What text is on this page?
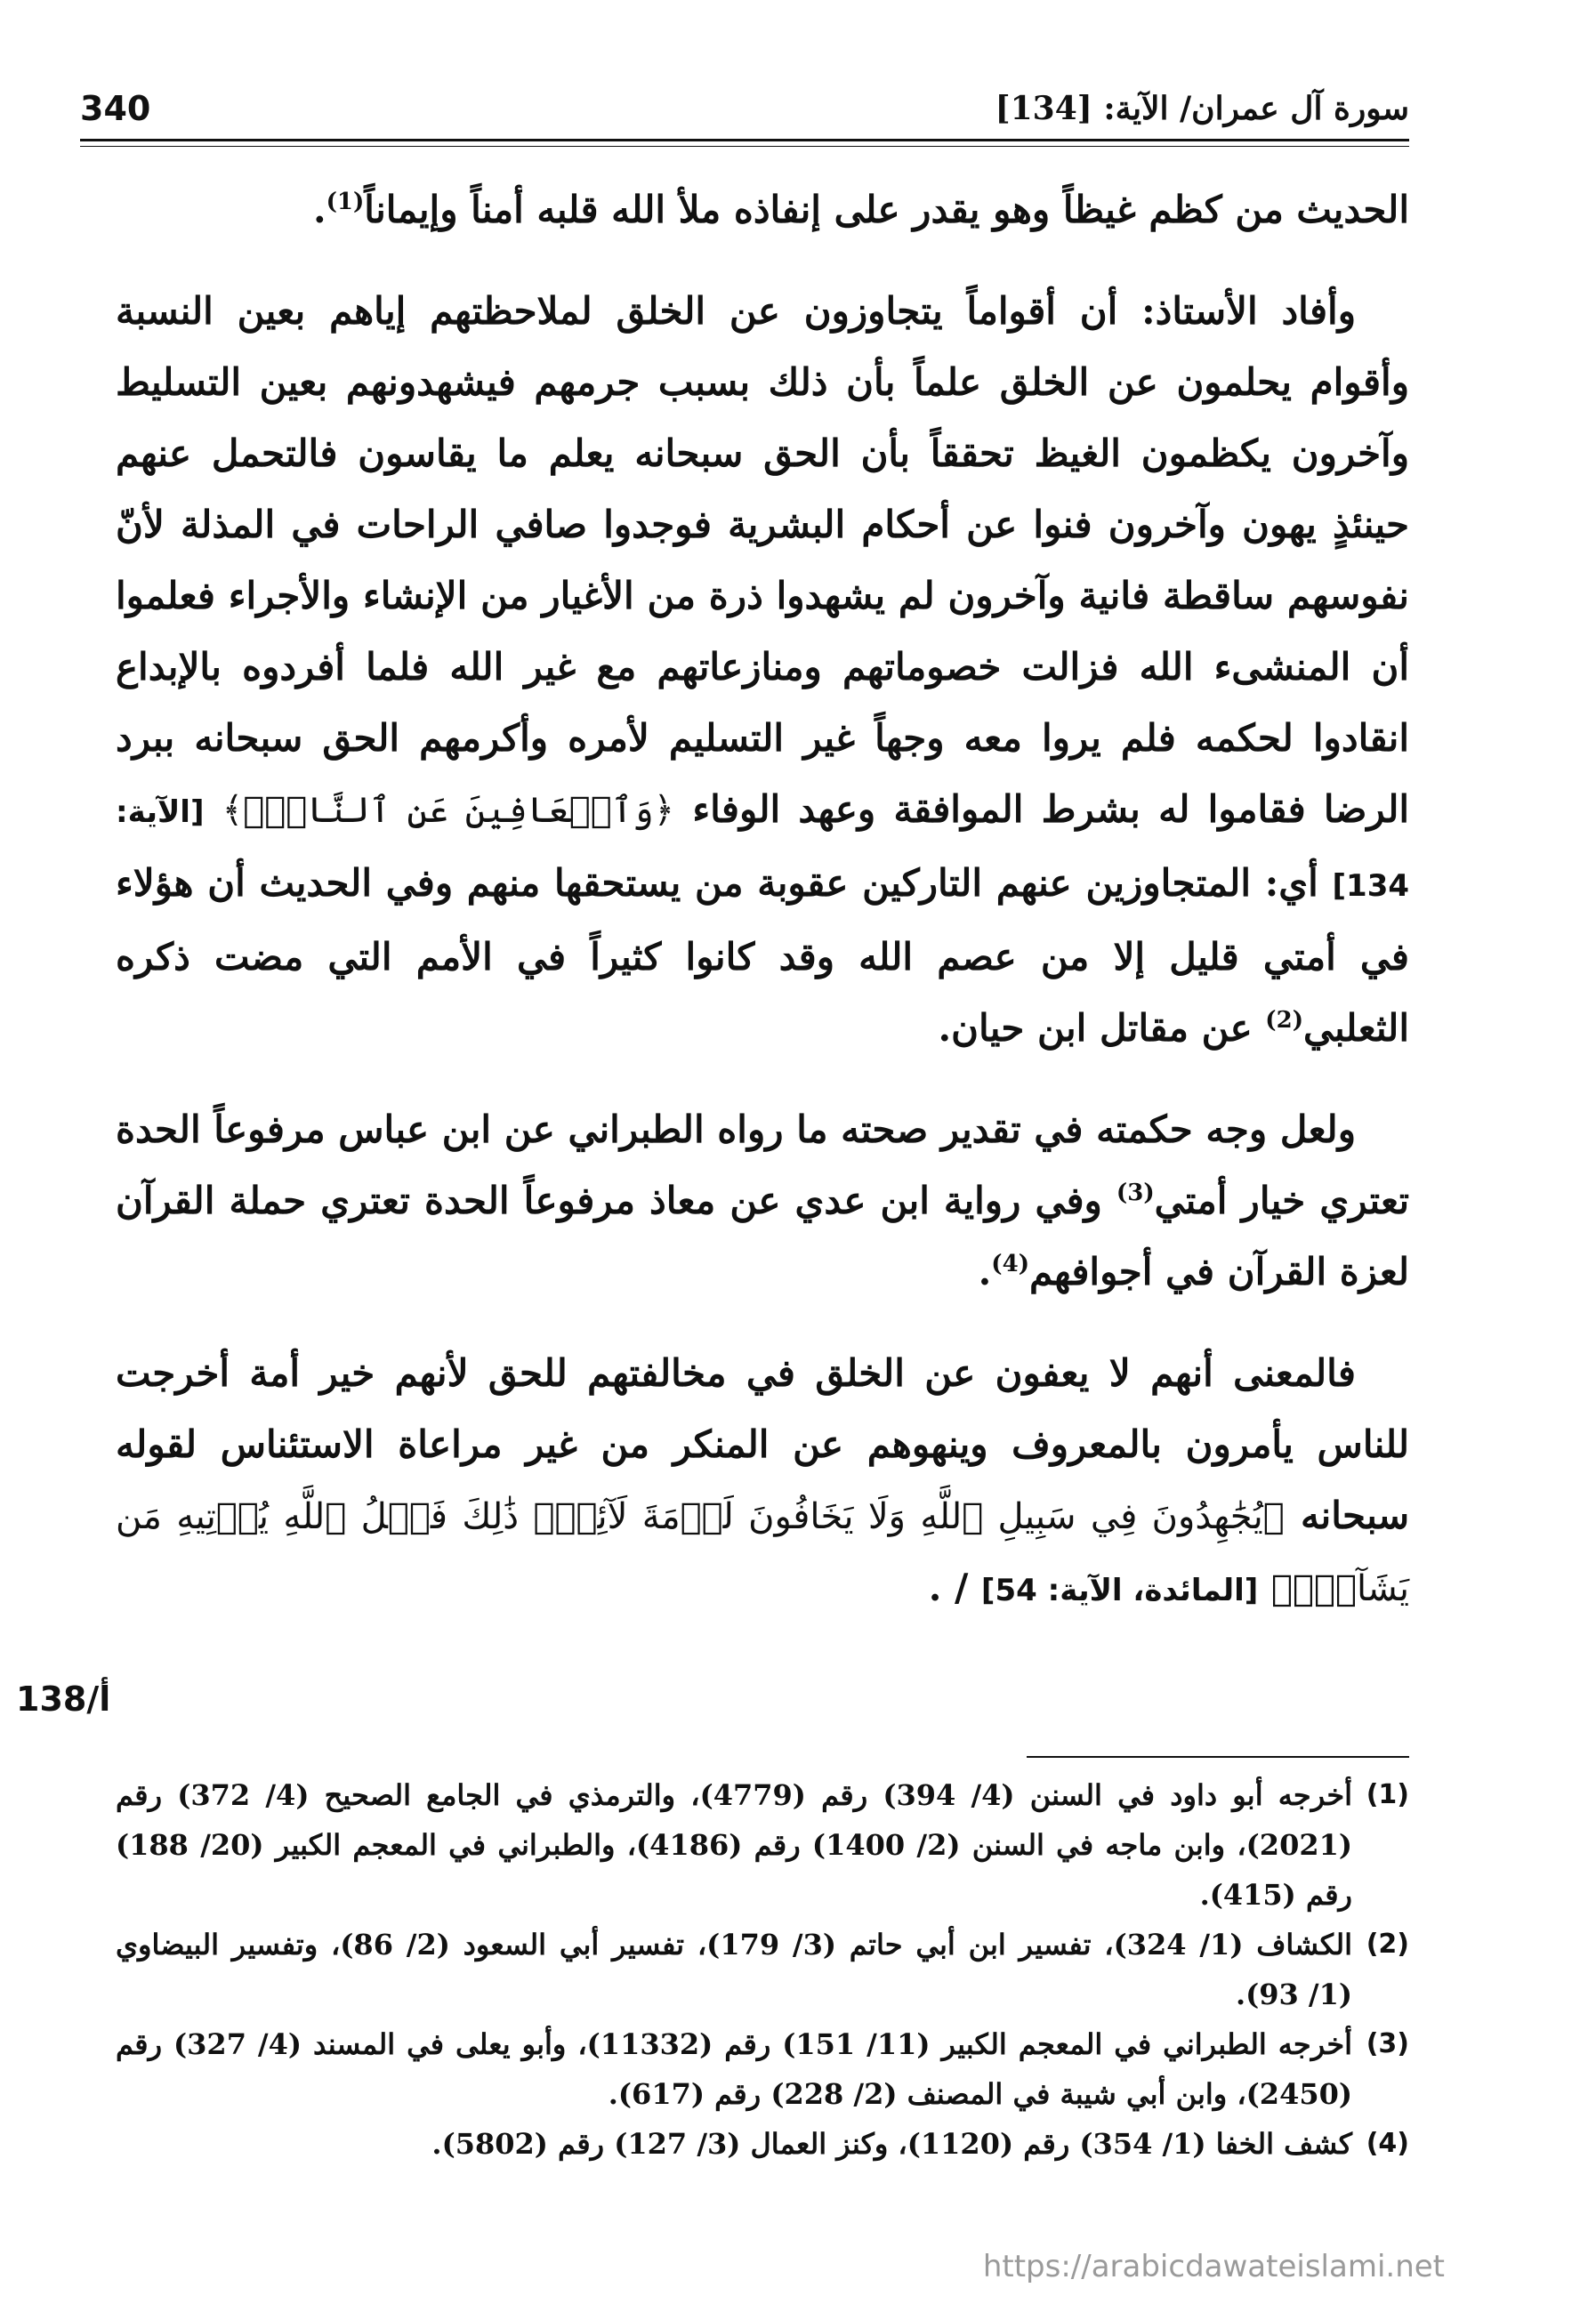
سورة آل عمران/ الآية: [134]
340

الحديث من كظم غيظاً وهو يقدر على إنفاذه ملأ الله قلبه أمناً وإيماناً$^{(1)}$.

وأفاد الأستاذ: أن أقواماً يتجاوزون عن الخلق لملاحظتهم إياهم بعين النسبة وأقوام يحلمون عن الخلق علماً بأن ذلك بسبب جرمهم فيشهدونهم بعين التسليط وآخرون يكظمون الغيظ تحققاً بأن الحق سبحانه يعلم ما يقاسون فالتحمل عنهم حينئذٍ يهون وآخرون فنوا عن أحكام البشرية فوجدوا صافي الراحات في المذلة لأنّ نفوسهم ساقطة فانية وآخرون لم يشهدوا ذرة من الأغيار من الإنشاء والأجراء فعلموا أن المنشىء الله فزالت خصوماتهم ومنازعاتهم مع غير الله فلما أفردوه بالإبداع انقادوا لحكمه فلم يروا معه وجهاً غير التسليم لأمره وأكرمهم الحق سبحانه ببرد الرضا فقاموا له بشرط الموافقة وعهد الوفاء ﴿وَٱلۡعَافِينَ عَنِ ٱلنَّاسِۗ﴾ [الآية: 134] أي: المتجاوزين عنهم التاركين عقوبة من يستحقها منهم وفي الحديث أن هؤلاء في أمتي قليل إلا من عصم الله وقد كانوا كثيراً في الأمم التي مضت ذكره الثعلبي$^{(2)}$ عن مقاتل ابن حيان.

ولعل وجه حكمته في تقدير صحته ما رواه الطبراني عن ابن عباس مرفوعاً الحدة تعتري خيار أمتي$^{(3)}$ وفي رواية ابن عدي عن معاذ مرفوعاً الحدة تعتري حملة القرآن لعزة القرآن في أجوافهم$^{(4)}$.

فالمعنى أنهم لا يعفون عن الخلق في مخالفتهم للحق لأنهم خير أمة أخرجت للناس يأمرون بالمعروف وينهوهم عن المنكر من غير مراعاة الاستئناس لقوله سبحانه ﴿يُجَٰهِدُونَ فِي سَبِيلِ ٱللَّهِ وَلَا يَخَافُونَ لَوۡمَةَ لَآئِمٖۚ ذَٰلِكَ فَضۡلُ ٱللَّهِ يُؤۡتِيهِ مَن يَشَآءُۚ﴾ [المائدة، الآية: 54] / .

138/أ

(1)
أخرجه أبو داود في السنن (4/ 394) رقم (4779)، والترمذي في الجامع الصحيح (4/ 372) رقم (2021)، وابن ماجه في السنن (2/ 1400) رقم (4186)، والطبراني في المعجم الكبير (20/ 188) رقم (415).

(2)
الكشاف (1/ 324)، تفسير ابن أبي حاتم (3/ 179)، تفسير أبي السعود (2/ 86)، وتفسير البيضاوي (1/ 93).

(3)
أخرجه الطبراني في المعجم الكبير (11/ 151) رقم (11332)، وأبو يعلى في المسند (4/ 327) رقم (2450)، وابن أبي شيبة في المصنف (2/ 228) رقم (617).

(4)
كشف الخفا (1/ 354) رقم (1120)، وكنز العمال (3/ 127) رقم (5802).

https://arabicdawateislami.net
